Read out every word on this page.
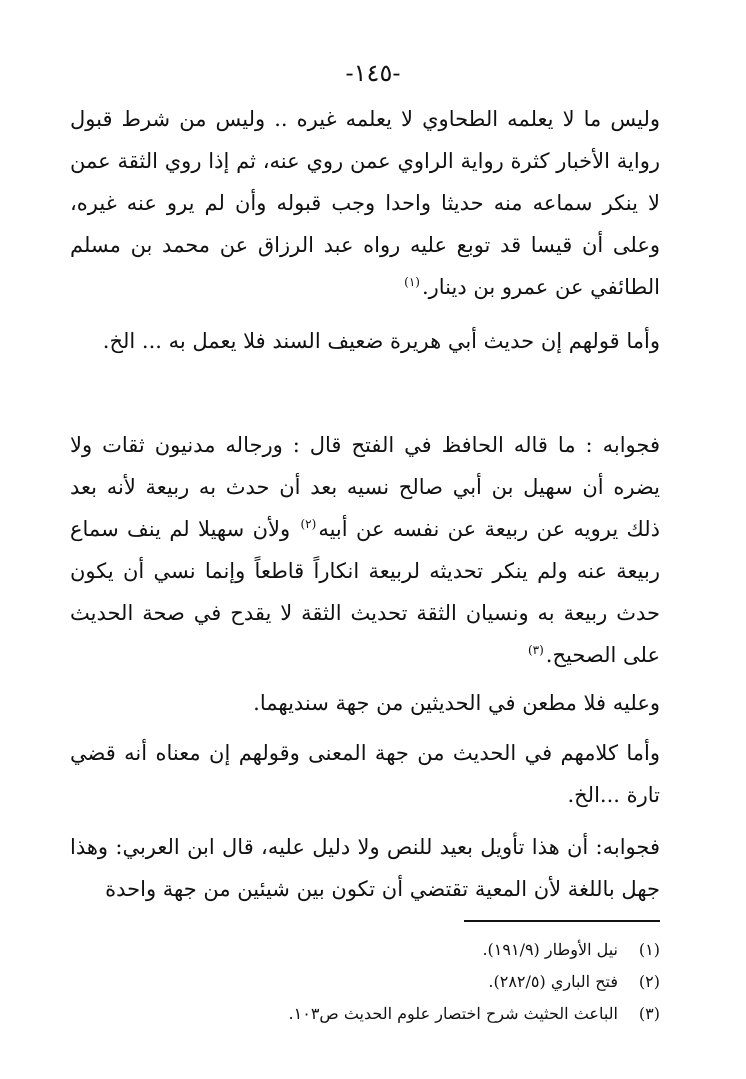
-١٤٥-

وليس ما لا يعلمه الطحاوي لا يعلمه غيره .. وليس من شرط قبول رواية الأخبار كثرة رواية الراوي عمن روي عنه، ثم إذا روي الثقة عمن لا ينكر سماعه منه حديثا واحدا وجب قبوله وأن لم يرو عنه غيره، وعلى أن قيسا قد توبع عليه رواه عبد الرزاق عن محمد بن مسلم الطائفي عن عمرو بن دينار.$^{(١)}$

وأما قولهم إن حديث أبي هريرة ضعيف السند فلا يعمل به ... الخ.

فجوابه : ما قاله الحافظ في الفتح قال : ورجاله مدنيون ثقات ولا يضره أن سهيل بن أبي صالح نسيه بعد أن حدث به ربيعة لأنه بعد ذلك يرويه عن ربيعة عن نفسه عن أبيه$^{(٢)}$ ولأن سهيلا لم ينف سماع ربيعة عنه ولم ينكر تحديثه لربيعة انكاراً قاطعاً وإنما نسي أن يكون حدث ربيعة به ونسيان الثقة تحديث الثقة لا يقدح في صحة الحديث على الصحيح.$^{(٣)}$

وعليه فلا مطعن في الحديثين من جهة سنديهما.

وأما كلامهم في الحديث من جهة المعنى وقولهم إن معناه أنه قضي تارة ...الخ.

فجوابه: أن هذا تأويل بعيد للنص ولا دليل عليه، قال ابن العربي: وهذا جهل باللغة لأن المعية تقتضي أن تكون بين شيئين من جهة واحدة

(١)
نيل الأوطار (١٩١/٩).
(٢)
فتح الباري (٢٨٢/٥).
(٣)
الباعث الحثيث شرح اختصار علوم الحديث ص١٠٣.
